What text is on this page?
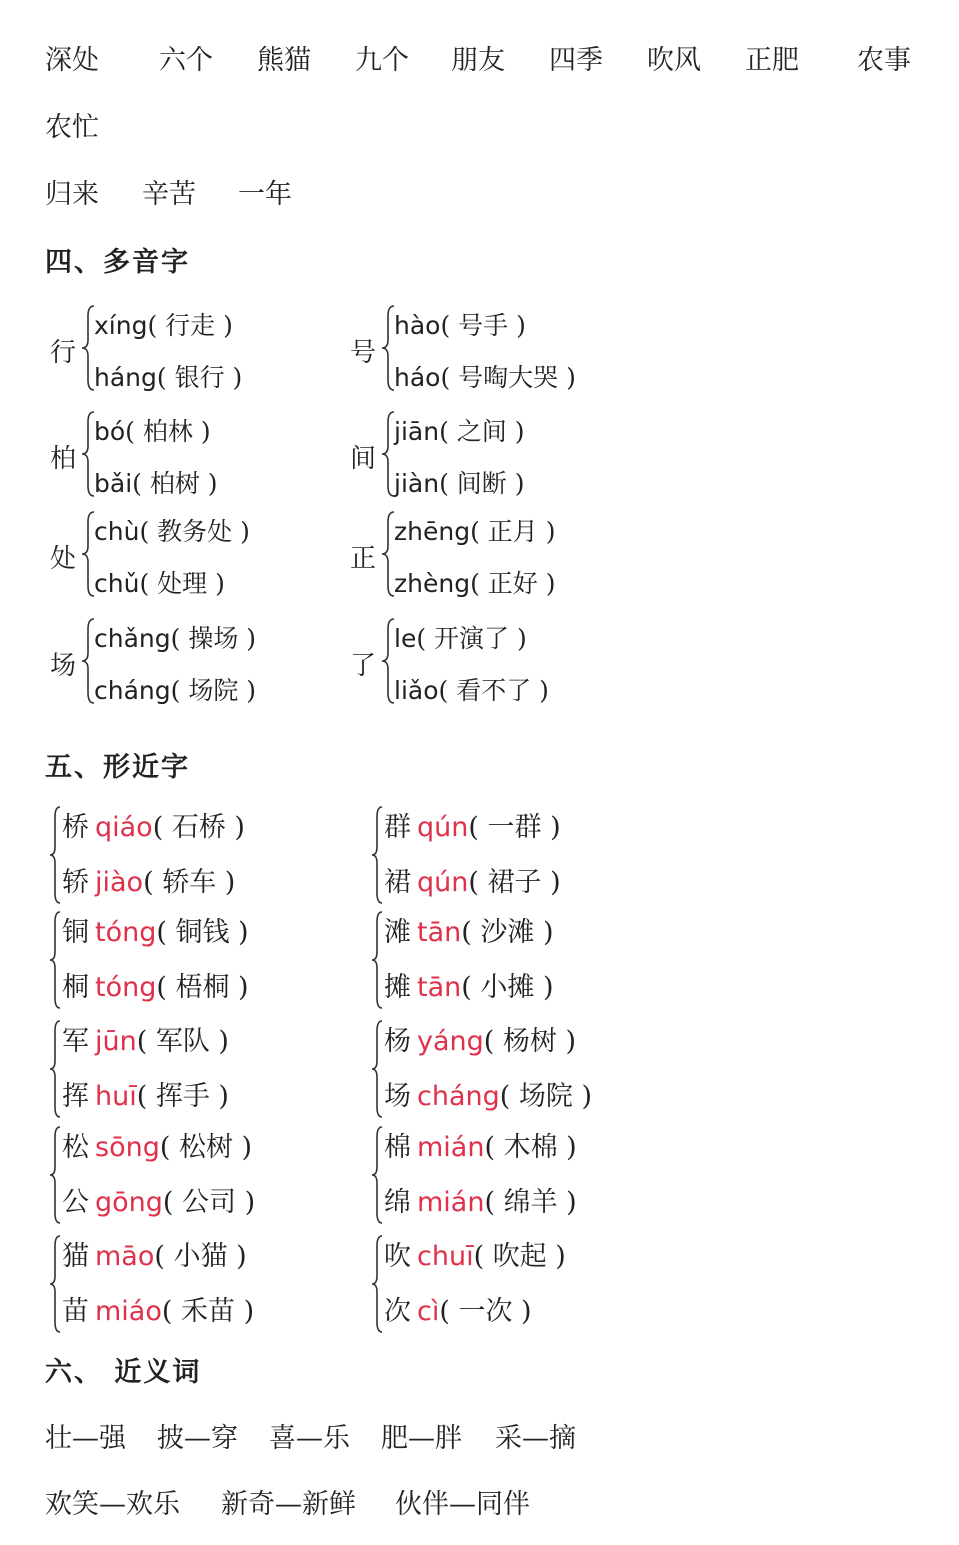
深处 六个 熊猫 九个 朋友 四季 吹风 正肥 农事
农忙
归来 辛苦 一年
四、多音字
行
xíng( 行走 )
háng( 银行 )
号
hào( 号手 )
háo( 号啕大哭 )
柏
bó( 柏林 )
bǎi( 柏树 )
间
jiān( 之间 )
jiàn( 间断 )
处
chù( 教务处 )
chǔ( 处理 )
正
zhēng( 正月 )
zhèng( 正好 )
场
chǎng( 操场 )
cháng( 场院 )
了
le( 开演了 )
liǎo( 看不了 )
五、形近字
桥 qiáo( 石桥 )
轿 jiào( 轿车 )
群 qún( 一群 )
裙 qún( 裙子 )
铜 tóng( 铜钱 )
桐 tóng( 梧桐 )
滩 tān( 沙滩 )
摊 tān( 小摊 )
军 jūn( 军队 )
挥 huī( 挥手 )
杨 yáng( 杨树 )
场 cháng( 场院 )
松 sōng( 松树 )
公 gōng( 公司 )
棉 mián( 木棉 )
绵 mián( 绵羊 )
猫 māo( 小猫 )
苗 miáo( 禾苗 )
吹 chuī( 吹起 )
次 cì( 一次 )
六、 近义词
壮—强 披—穿 喜—乐 肥—胖 采—摘
欢笑—欢乐 新奇—新鲜 伙伴—同伴
